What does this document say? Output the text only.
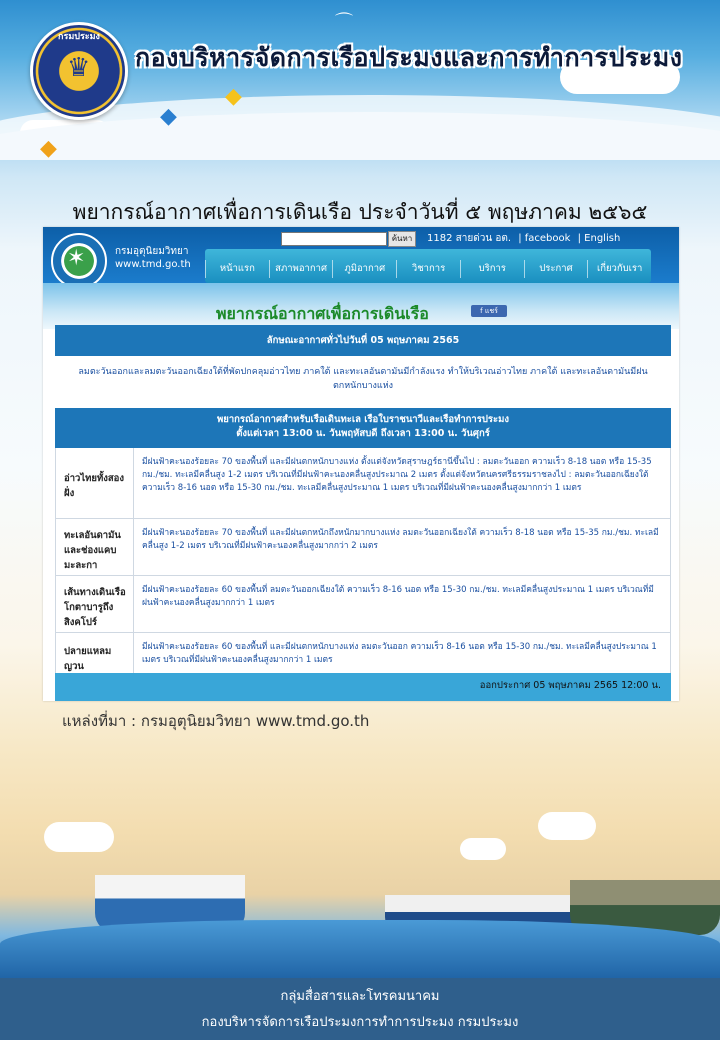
⌒
◆
◆
◆
กรมประมง
♛ กองบริหารจัดการเรือประมงและการทำการประมง
พยากรณ์อากาศเพื่อการเดินเรือ ประจำวันที่ ๕ พฤษภาคม ๒๕๖๕
✶	กรมอุตุนิยมวิทยา
www.tmd.go.th
ค้นหา	1182 สายด่วน อต. | facebook | English
หน้าแรก	สภาพอากาศ	ภูมิอากาศ	วิชาการ	บริการ	ประกาศ	เกี่ยวกับเรา
พยากรณ์อากาศเพื่อการเดินเรือ	f แชร์
ลักษณะอากาศทั่วไปวันที่ 05 พฤษภาคม 2565
ลมตะวันออกและลมตะวันออกเฉียงใต้ที่พัดปกคลุมอ่าวไทย ภาคใต้ และทะเลอันดามันมีกำลังแรง ทำให้บริเวณอ่าวไทย ภาคใต้ และทะเลอันดามันมีฝนตกหนักบางแห่ง
พยากรณ์อากาศสำหรับเรือเดินทะเล เรือใบราชนาวีและเรือทำการประมง
ตั้งแต่เวลา 13:00 น. วันพฤหัสบดี ถึงเวลา 13:00 น. วันศุกร์
อ่าวไทยทั้งสองฝั่ง
มีฝนฟ้าคะนองร้อยละ 70 ของพื้นที่ และมีฝนตกหนักบางแห่ง ตั้งแต่จังหวัดสุราษฎร์ธานีขึ้นไป : ลมตะวันออก ความเร็ว 8-18 นอต หรือ 15-35 กม./ชม. ทะเลมีคลื่นสูง 1-2 เมตร บริเวณที่มีฝนฟ้าคะนองคลื่นสูงประมาณ 2 เมตร ตั้งแต่จังหวัดนครศรีธรรมราชลงไป : ลมตะวันออกเฉียงใต้ ความเร็ว 8-16 นอต หรือ 15-30 กม./ชม. ทะเลมีคลื่นสูงประมาณ 1 เมตร บริเวณที่มีฝนฟ้าคะนองคลื่นสูงมากกว่า 1 เมตร
ทะเลอันดามันและช่องแคบมะละกา
มีฝนฟ้าคะนองร้อยละ 70 ของพื้นที่ และมีฝนตกหนักถึงหนักมากบางแห่ง ลมตะวันออกเฉียงใต้ ความเร็ว 8-18 นอต หรือ 15-35 กม./ชม. ทะเลมีคลื่นสูง 1-2 เมตร บริเวณที่มีฝนฟ้าคะนองคลื่นสูงมากกว่า 2 เมตร
เส้นทางเดินเรือโกตาบารูถึงสิงคโปร์
มีฝนฟ้าคะนองร้อยละ 60 ของพื้นที่ ลมตะวันออกเฉียงใต้ ความเร็ว 8-16 นอต หรือ 15-30 กม./ชม. ทะเลมีคลื่นสูงประมาณ 1 เมตร บริเวณที่มีฝนฟ้าคะนองคลื่นสูงมากกว่า 1 เมตร
ปลายแหลมญวน
มีฝนฟ้าคะนองร้อยละ 60 ของพื้นที่ และมีฝนตกหนักบางแห่ง ลมตะวันออก ความเร็ว 8-16 นอต หรือ 15-30 กม./ชม. ทะเลมีคลื่นสูงประมาณ 1 เมตร บริเวณที่มีฝนฟ้าคะนองคลื่นสูงมากกว่า 1 เมตร
ออกประกาศ 05 พฤษภาคม 2565 12:00 น.
แหล่งที่มา : กรมอุตุนิยมวิทยา www.tmd.go.th
กลุ่มสื่อสารและโทรคมนาคม
กองบริหารจัดการเรือประมงการทำการประมง กรมประมง
